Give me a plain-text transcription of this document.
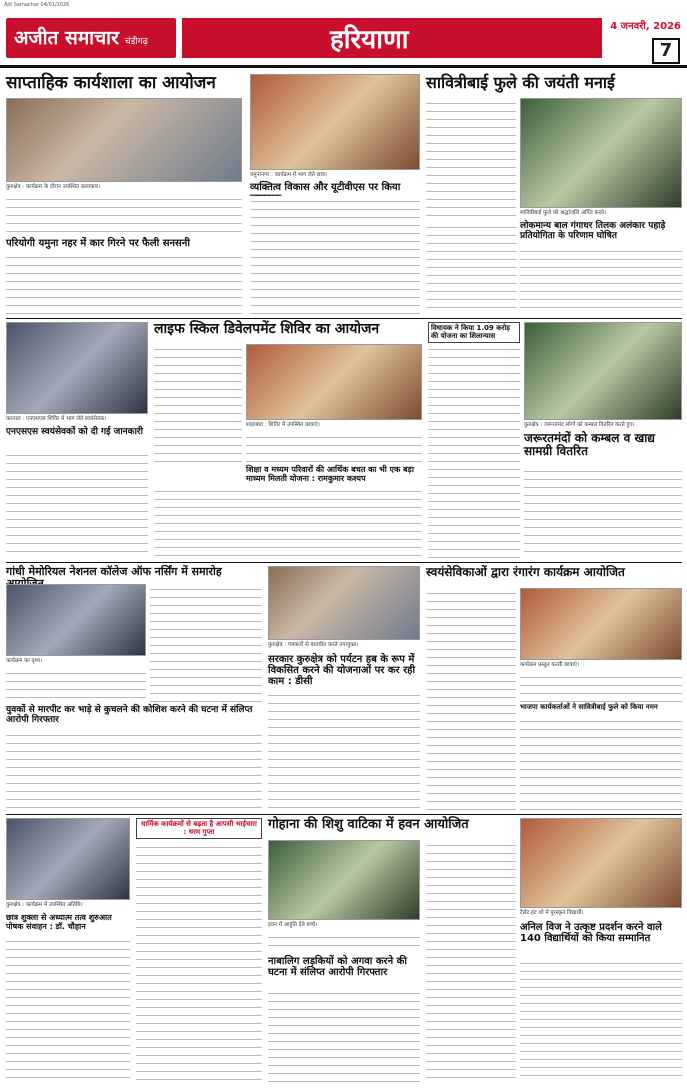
Ajit Samachar 04/01/2026
अजीत समाचार चंडीगढ़	हरियाणा	4 जनवरी, 2026
7
साप्ताहिक कार्यशाला का आयोजन
कुरुक्षेत्र : कार्यक्रम के दौरान उपस्थित कलाकार।
परियोगी यमुना नहर में कार गिरने पर फैली सनसनी
यमुनानगर : कार्यक्रम में भाग लेते छात्र।
व्यक्तित्व विकास और यूटीवीएस पर किया
सावित्रीबाई फुले की जयंती मनाई
सावित्रीबाई फुले को श्रद्धांजलि अर्पित करते।
लोकमान्य बाल गंगाधर तिलक अलंकार पहाड़े प्रतियोगिता के परिणाम घोषित
करनाल : एनएसएस शिविर में भाग लेते स्वयंसेवक।
एनएसएस स्वयंसेवकों को दी गई जानकारी
लाइफ स्किल डिवेलपमेंट शिविर का आयोजन
शाहाबाद : शिविर में उपस्थित छात्राएं।
शिक्षा व मध्यम परिवारों की आर्थिक बचत का भी एक बड़ा माध्यम मिलती योजना : रामकुमार कश्यप
विधायक ने किया 1.09 करोड़ की योजना का शिलान्यास
कुरुक्षेत्र : जरूरतमंद लोगों को कम्बल वितरित करते हुए।
जरूरतमंदों को कम्बल व खाद्य सामग्री वितरित
गांधी मेमोरियल नेशनल कॉलेज ऑफ नर्सिंग में समारोह
कार्यक्रम का दृश्य।
युवकों से मारपीट कर भाड़े से कुचलने की कोशिश करने की घटना में संलिप्त आरोपी गिरफ्तार
कुरुक्षेत्र : पत्रकारों से बातचीत करते उपायुक्त।
सरकार कुरुक्षेत्र को पर्यटन हब के रूप में विकसित करने की योजनाओं पर कर रही काम : डीसी
स्वयंसेविकाओं द्वारा रंगारंग कार्यक्रम आयोजित
कार्यक्रम प्रस्तुत करती छात्राएं।
भाजपा कार्यकर्ताओं ने सावित्रीबाई फुले को किया नमन
कुरुक्षेत्र : कार्यक्रम में उपस्थित अतिथि।
छात्र शुक्ला से अध्यात्म तत्व शुरुआत पोषक संवाहन : डॉ. चौहान
धार्मिक कार्यक्रमों से बढ़ता है आपसी भाईचारा : धरम गुप्ता	गोहाना की शिशु वाटिका में हवन आयोजित
हवन में आहुति देते बच्चे।
नाबालिग लड़कियों को अगवा करने की घटना में संलिप्त आरोपी गिरफ्तार
टैलेंट हंट शो में पुरस्कृत विद्यार्थी।
अनिल विज ने उत्कृष्ट प्रदर्शन करने वाले 140 विद्यार्थियों को किया सम्मानित
